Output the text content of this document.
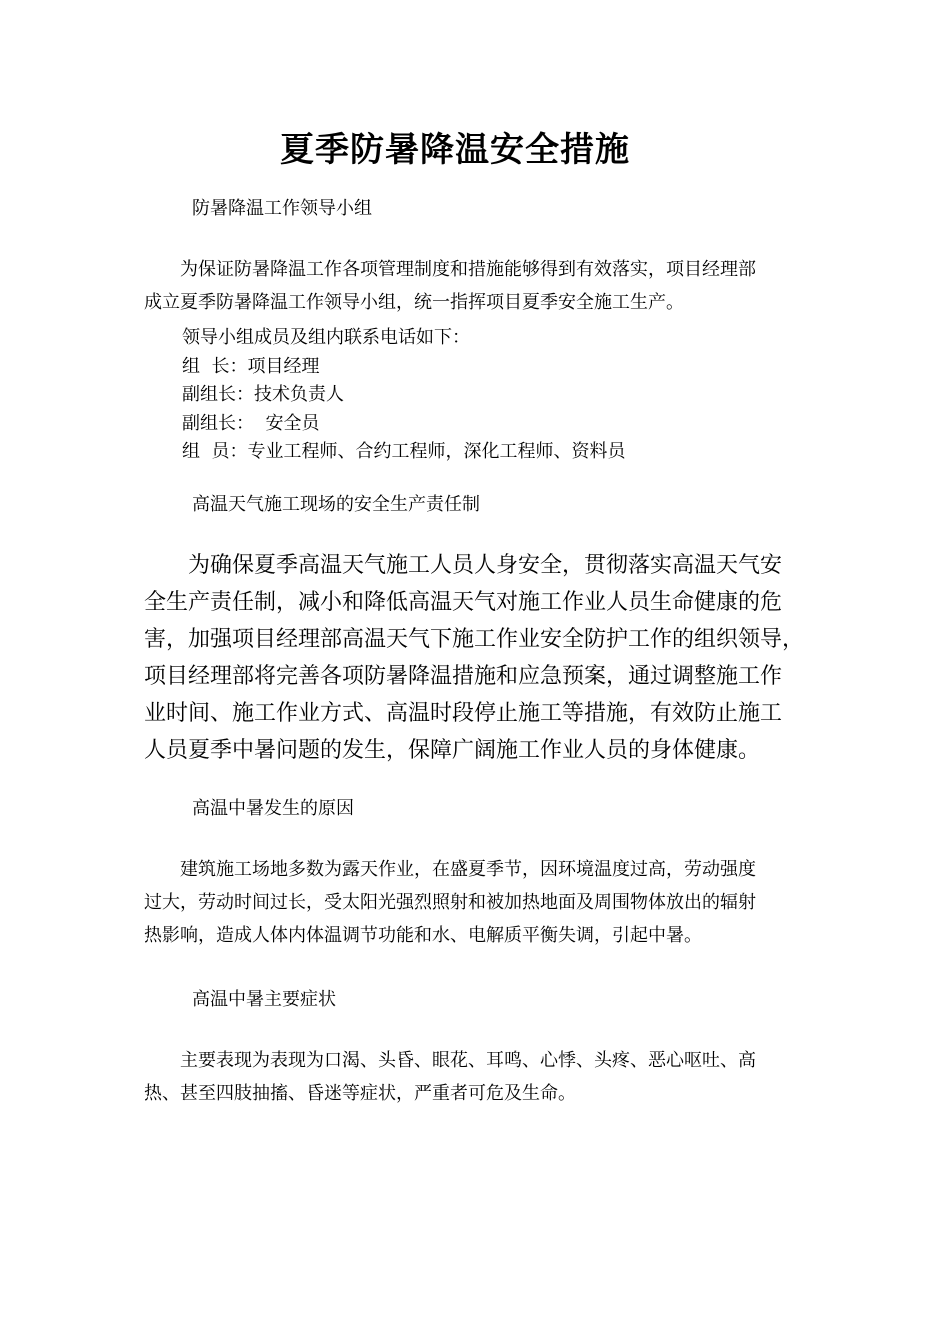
夏季防暑降温安全措施
防暑降温工作领导小组
为保证防暑降温工作各项管理制度和措施能够得到有效落实，项目经理部
成立夏季防暑降温工作领导小组，统一指挥项目夏季安全施工生产。
领导小组成员及组内联系电话如下：
组  长：项目经理
副组长：技术负责人
副组长：  安全员
组  员：专业工程师、合约工程师，深化工程师、资料员
高温天气施工现场的安全生产责任制
为确保夏季高温天气施工人员人身安全，贯彻落实高温天气安
全生产责任制，减小和降低高温天气对施工作业人员生命健康的危
害，加强项目经理部高温天气下施工作业安全防护工作的组织领导，
项目经理部将完善各项防暑降温措施和应急预案，通过调整施工作
业时间、施工作业方式、高温时段停止施工等措施，有效防止施工
人员夏季中暑问题的发生，保障广阔施工作业人员的身体健康。
高温中暑发生的原因
建筑施工场地多数为露天作业，在盛夏季节，因环境温度过高，劳动强度
过大，劳动时间过长，受太阳光强烈照射和被加热地面及周围物体放出的辐射
热影响，造成人体内体温调节功能和水、电解质平衡失调，引起中暑。
高温中暑主要症状
主要表现为表现为口渴、头昏、眼花、耳鸣、心悸、头疼、恶心呕吐、高
热、甚至四肢抽搐、昏迷等症状，严重者可危及生命。
